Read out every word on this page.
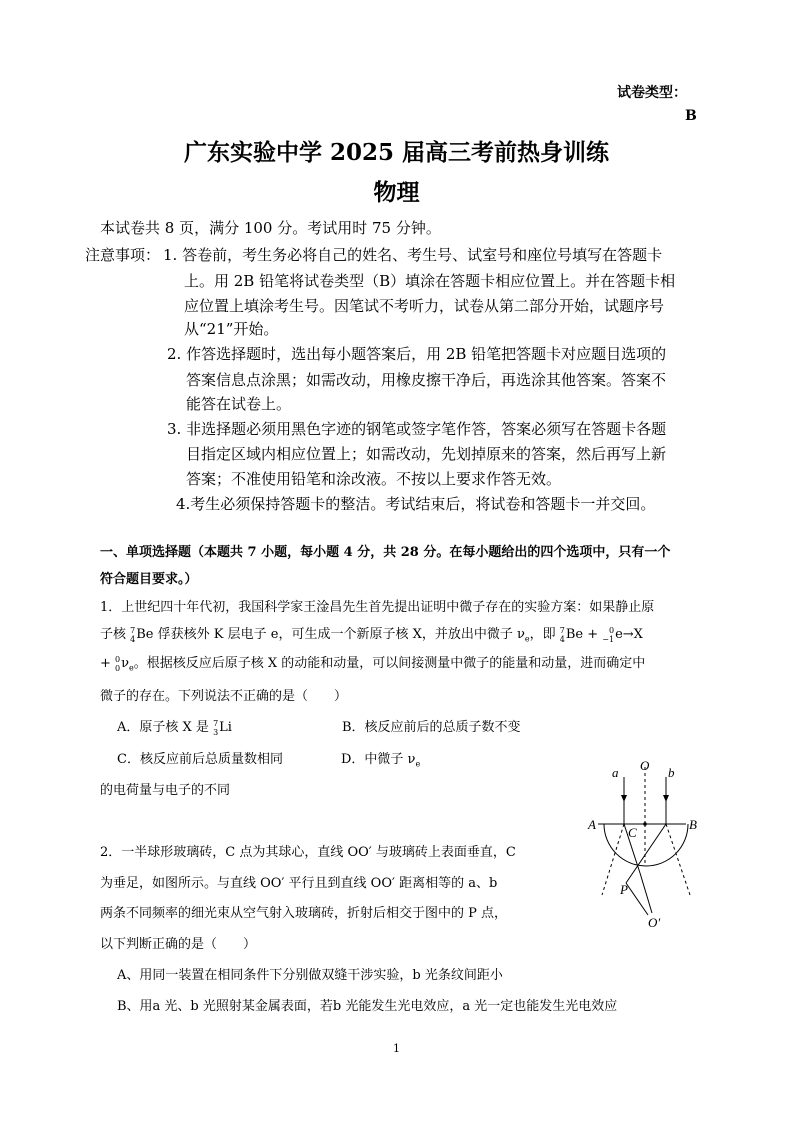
试卷类型：
B
广东实验中学 2025 届高三考前热身训练
物理
本试卷共 8 页，满分 100 分。考试用时 75 分钟。
注意事项： 1. 答卷前，考生务必将自己的姓名、考生号、试室号和座位号填写在答题卡
上。用 2B 铅笔将试卷类型（B）填涂在答题卡相应位置上。并在答题卡相
应位置上填涂考生号。因笔试不考听力，试卷从第二部分开始，试题序号
从“21”开始。
2. 作答选择题时，选出每小题答案后，用 2B 铅笔把答题卡对应题目选项的
答案信息点涂黑；如需改动，用橡皮擦干净后，再选涂其他答案。答案不
能答在试卷上。
3. 非选择题必须用黑色字迹的钢笔或签字笔作答，答案必须写在答题卡各题
目指定区域内相应位置上；如需改动，先划掉原来的答案，然后再写上新
答案；不准使用铅笔和涂改液。不按以上要求作答无效。
4.考生必须保持答题卡的整洁。考试结束后，将试卷和答题卡一并交回。
一、单项选择题（本题共 7 小题，每小题 4 分，共 28 分。在每小题给出的四个选项中，只有一个
符合题目要求。）
1．上世纪四十年代初，我国科学家王淦昌先生首先提出证明中微子存在的实验方案：如果静止原
子核 7
4 Be 俘获核外 K 层电子 e，可生成一个新原子核 X，并放出中微子 $\nu_e$，即 7
4 Be + 0
−1 e→X
+ 0
0 $\nu_e$。根据核反应后原子核 X 的动能和动量，可以间接测量中微子的能量和动量，进而确定中
微子的存在。下列说法不正确的是（　　）
A．原子核 X 是 7
3 Li	B．核反应前后的总质子数不变
C．核反应前后总质量数相同	D．中微子 $\nu_e$
的电荷量与电子的不同
2．一半球形玻璃砖，C 点为其球心，直线 OO′ 与玻璃砖上表面垂直，C
为垂足，如图所示。与直线 OO′ 平行且到直线 OO′ 距离相等的 a、b
两条不同频率的细光束从空气射入玻璃砖，折射后相交于图中的 P 点，
以下判断正确的是（　　）
A、用同一装置在相同条件下分别做双缝干涉实验，b 光条纹间距小
B、用a 光、b 光照射某金属表面，若b 光能发生光电效应，a 光一定也能发生光电效应
a O b
A	B
C
P
O′
1
